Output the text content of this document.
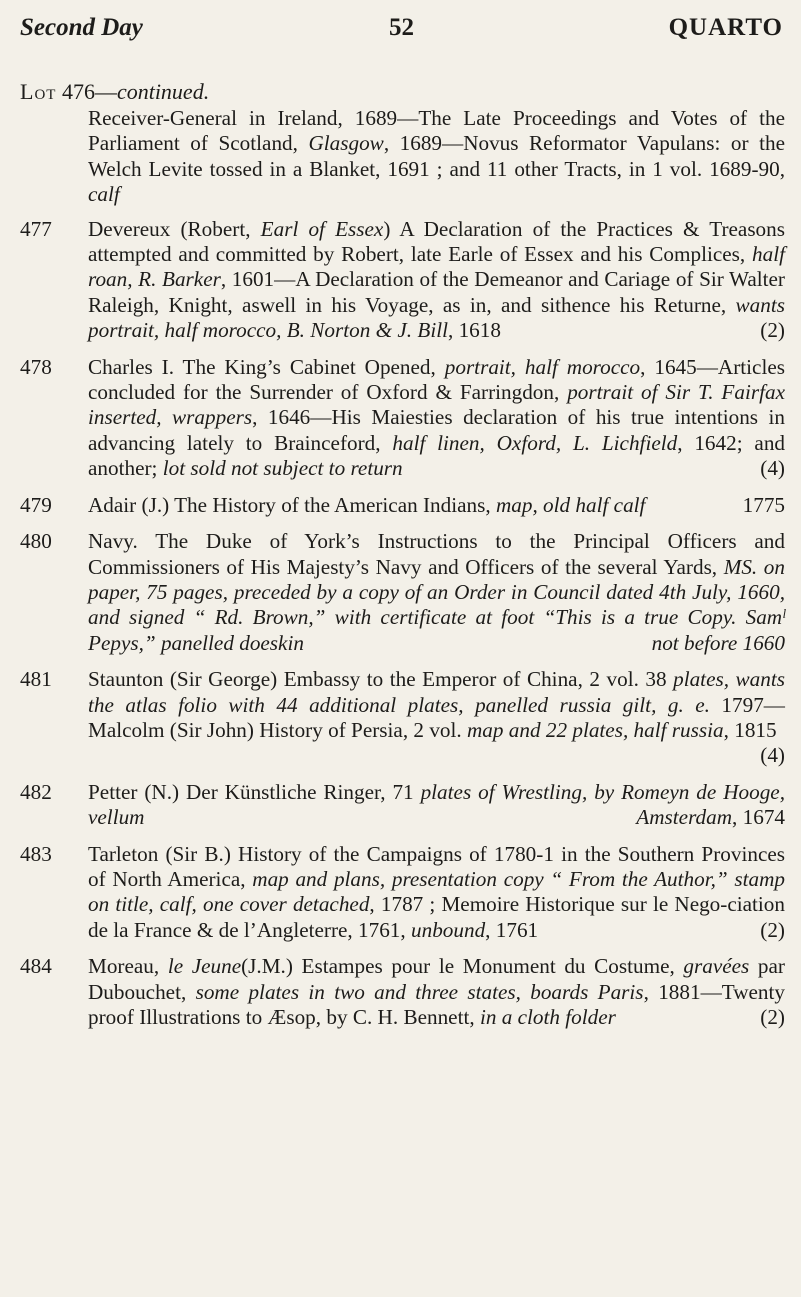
Second Day	52	QUARTO
Lot 476—continued.
Receiver-General in Ireland, 1689—The Late Proceedings and Votes of the Parliament of Scotland, Glasgow, 1689—Novus Reformator Vapulans: or the Welch Levite tossed in a Blanket, 1691 ; and 11 other Tracts, in 1 vol. 1689-90, calf
477	Devereux (Robert, Earl of Essex) A Declaration of the Practices & Treasons attempted and committed by Robert, late Earle of Essex and his Complices, half roan, R. Barker, 1601—A Declaration of the Demeanor and Cariage of Sir Walter Raleigh, Knight, aswell in his Voyage, as in, and sithence his Returne, wants portrait, half morocco, B. Norton & J. Bill, 1618	(2)
478	Charles I. The King’s Cabinet Opened, portrait, half morocco, 1645—Articles concluded for the Surrender of Oxford & Farringdon, portrait of Sir T. Fairfax inserted, wrappers, 1646—His Maiesties declaration of his true intentions in advancing lately to Brainceford, half linen, Oxford, L. Lichfield, 1642; and another; lot sold not subject to return	(4)
479	Adair (J.) The History of the American Indians, map, old half calf	1775
480	Navy. The Duke of York’s Instructions to the Principal Officers and Commissioners of His Majesty’s Navy and Officers of the several Yards, MS. on paper, 75 pages, preceded by a copy of an Order in Council dated 4th July, 1660, and signed “ Rd. Brown,” with certificate at foot “This is a true Copy. Samˡ Pepys,” panelled doeskin	not before 1660
481	Staunton (Sir George) Embassy to the Emperor of China, 2 vol. 38 plates, wants the atlas folio with 44 additional plates, panelled russia gilt, g. e. 1797—Malcolm (Sir John) History of Persia, 2 vol. map and 22 plates, half russia, 1815
(4)
482	Petter (N.) Der Künstliche Ringer, 71 plates of Wrestling, by Romeyn de Hooge, vellum	Amsterdam, 1674
483	Tarleton (Sir B.) History of the Campaigns of 1780-1 in the Southern Provinces of North America, map and plans, presentation copy “ From the Author,” stamp on title, calf, one cover detached, 1787 ; Memoire Historique sur le Nego-ciation de la France & de l’Angleterre, 1761, unbound, 1761	(2)
484	Moreau, le Jeune(J.M.) Estampes pour le Monument du Costume, gravées par Dubouchet, some plates in two and three states, boards Paris, 1881—Twenty proof Illustrations to Æsop, by C. H. Bennett, in a cloth folder	(2)
